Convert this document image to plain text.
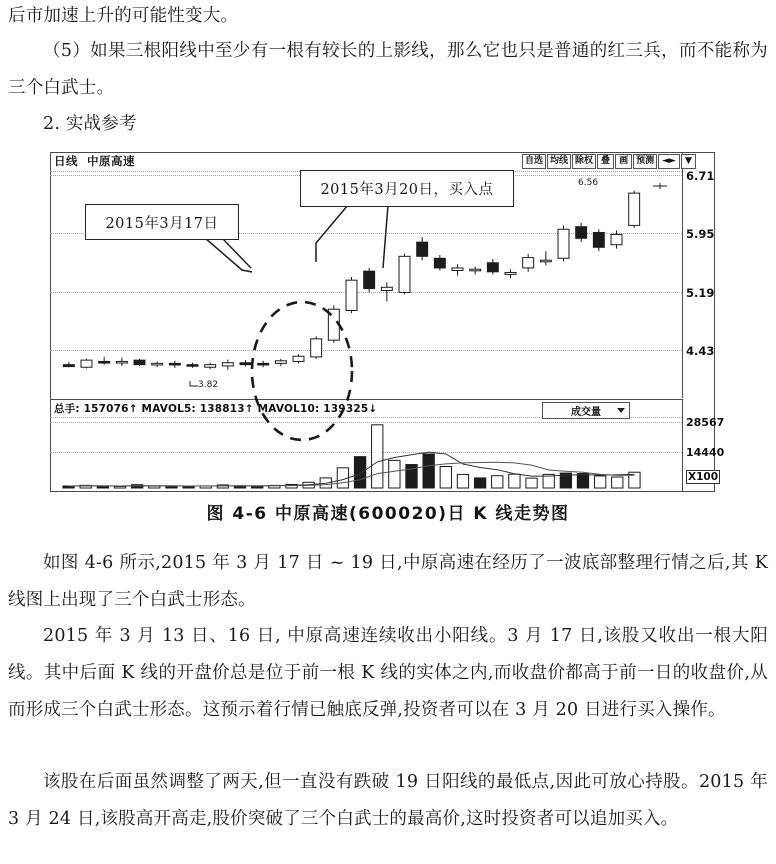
后市加速上升的可能性变大。
（5）如果三根阳线中至少有一根有较长的上影线，那么它也只是普通的红三兵，而不能称为三个白武士。
2. 实战参考
日线 中原高速
6.71
5.95
5.19
4.43
总手: 157076↑ MAVOL5: 138813↑ MAVOL10: 139325↓
28567
14440
X100
成交量
自选 均线 除权 叠	画 预测 ◄►	▼
6.56
3.82
2015年3月17日
2015年3月20日，买入点
图 4-6 中原高速(600020)日 K 线走势图
如图 4-6 所示,2015 年 3 月 17 日 ~ 19 日,中原高速在经历了一波底部整理行情之后,其 K 线图上出现了三个白武士形态。
2015 年 3 月 13 日、16 日, 中原高速连续收出小阳线。3 月 17 日,该股又收出一根大阳线。其中后面 K 线的开盘价总是位于前一根 K 线的实体之内,而收盘价都高于前一日的收盘价,从而形成三个白武士形态。这预示着行情已触底反弹,投资者可以在 3 月 20 日进行买入操作。
该股在后面虽然调整了两天,但一直没有跌破 19 日阳线的最低点,因此可放心持股。2015 年 3 月 24 日,该股高开高走,股价突破了三个白武士的最高价,这时投资者可以追加买入。
